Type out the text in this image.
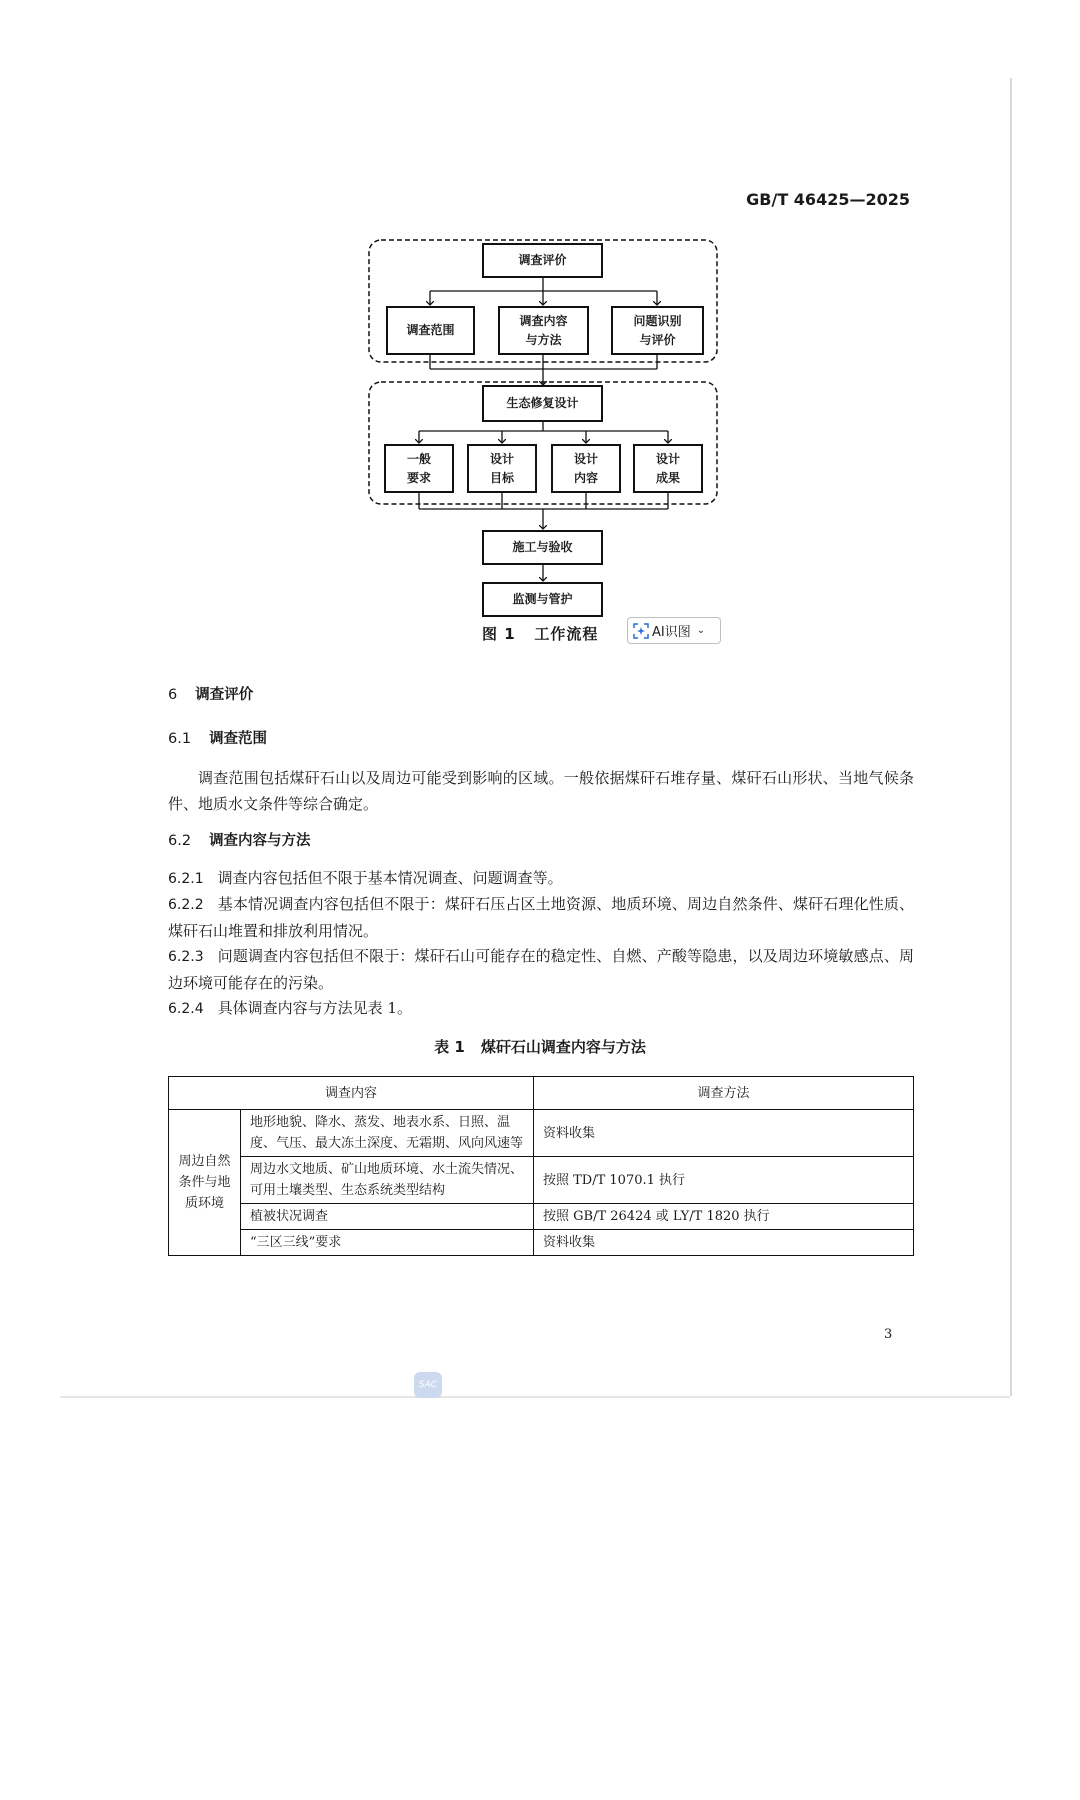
GB/T 46425—2025
调查评价
调查范围
调查内容
与方法
问题识别
与评价
生态修复设计
一般
要求
设计
目标
设计
内容
设计
成果
施工与验收
监测与管护
图 1 工作流程	AI识图 ⌄
6 调查评价
6.1 调查范围
调查范围包括煤矸石山以及周边可能受到影响的区域。一般依据煤矸石堆存量、煤矸石山形状、当地气候条件、地质水文条件等综合确定。
6.2 调查内容与方法
6.2.1 调查内容包括但不限于基本情况调查、问题调查等。
6.2.2 基本情况调查内容包括但不限于：煤矸石压占区土地资源、地质环境、周边自然条件、煤矸石理化性质、煤矸石山堆置和排放利用情况。
6.2.3 问题调查内容包括但不限于：煤矸石山可能存在的稳定性、自燃、产酸等隐患，以及周边环境敏感点、周边环境可能存在的污染。
6.2.4 具体调查内容与方法见表 1。
表 1 煤矸石山调查内容与方法
调查内容		调查方法
周边自然条件与地质环境	地形地貌、降水、蒸发、地表水系、日照、温度、气压、最大冻土深度、无霜期、风向风速等	资料收集
	周边水文地质、矿山地质环境、水土流失情况、可用土壤类型、生态系统类型结构	按照 TD/T 1070.1 执行
	植被状况调查	按照 GB/T 26424 或 LY/T 1820 执行
	“三区三线”要求	资料收集
3
SAC
